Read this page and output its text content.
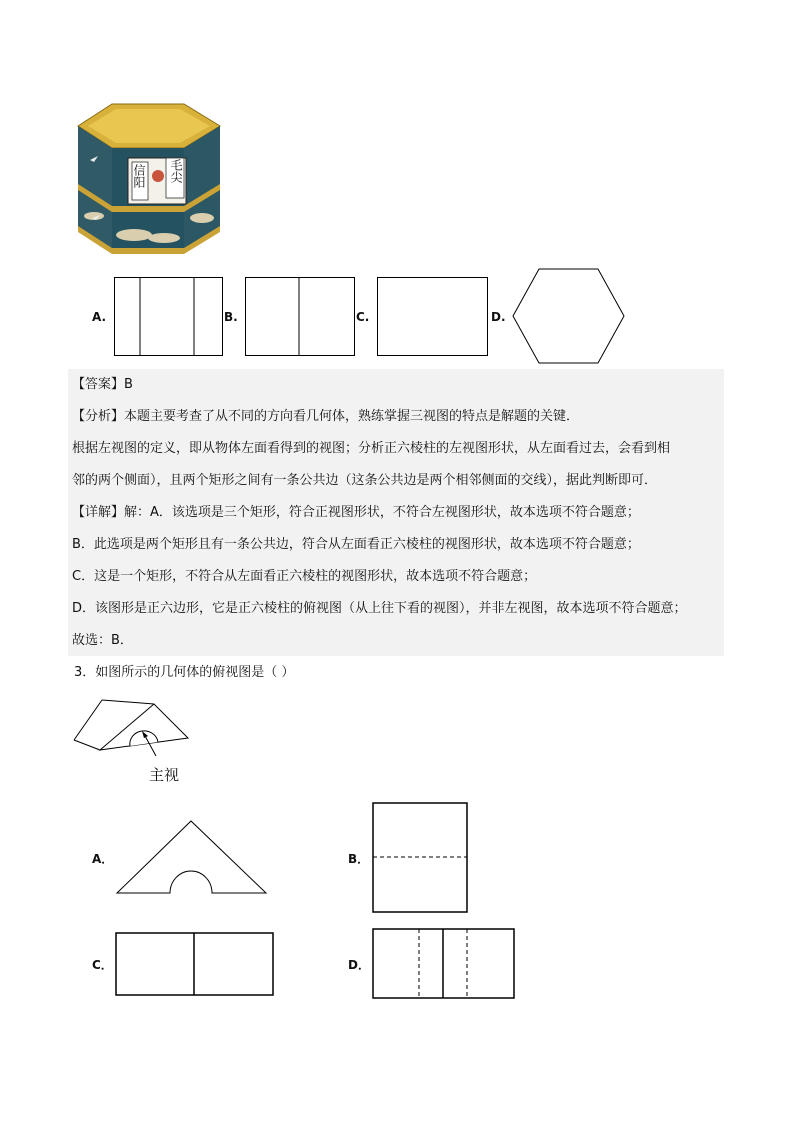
信阳 毛尖
A.	B.	C.	D.
【答案】B
【分析】本题主要考查了从不同的方向看几何体，熟练掌握三视图的特点是解题的关键．
根据左视图的定义，即从物体左面看得到的视图；分析正六棱柱的左视图形状，从左面看过去，会看到相
邻的两个侧面），且两个矩形之间有一条公共边（这条公共边是两个相邻侧面的交线），据此判断即可．
【详解】解：A．该选项是三个矩形，符合正视图形状，不符合左视图形状，故本选项不符合题意；
B．此选项是两个矩形且有一条公共边，符合从左面看正六棱柱的视图形状，故本选项不符合题意；
C．这是一个矩形，不符合从左面看正六棱柱的视图形状，故本选项不符合题意；
D．该图形是正六边形，它是正六棱柱的俯视图（从上往下看的视图），并非左视图，故本选项不符合题意；
故选：B．
3．如图所示的几何体的俯视图是（ ）
主视
A．	B．
C．	D．
